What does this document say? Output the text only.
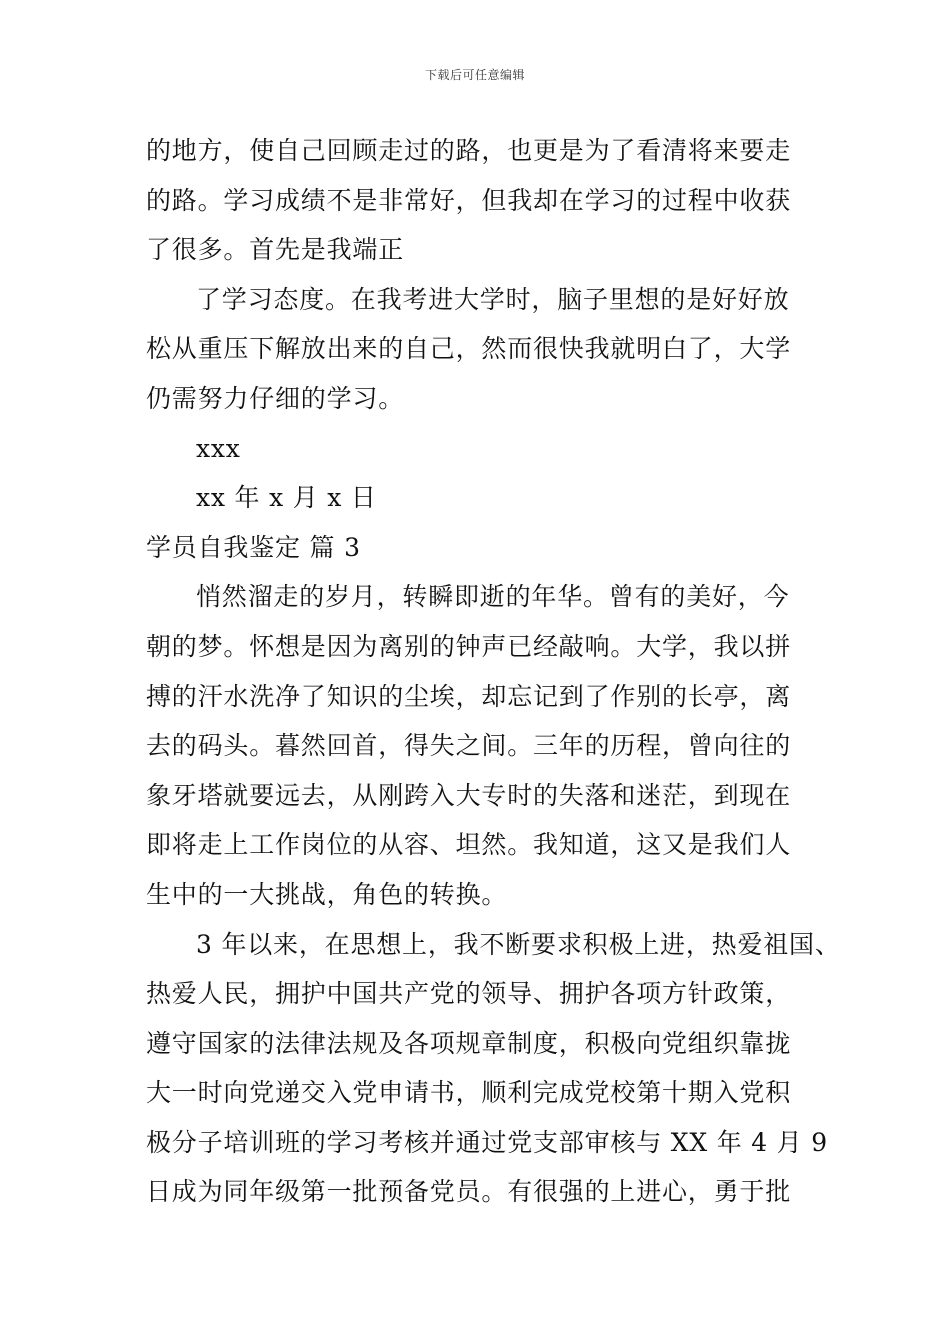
下载后可任意编辑
的地方，使自己回顾走过的路，也更是为了看清将来要走
的路。学习成绩不是非常好，但我却在学习的过程中收获
了很多。首先是我端正
了学习态度。在我考进大学时，脑子里想的是好好放
松从重压下解放出来的自己，然而很快我就明白了，大学
仍需努力仔细的学习。
xxx
xx 年 x 月 x 日
学员自我鉴定 篇 3
悄然溜走的岁月，转瞬即逝的年华。曾有的美好，今
朝的梦。怀想是因为离别的钟声已经敲响。大学，我以拼
搏的汗水洗净了知识的尘埃，却忘记到了作别的长亭，离
去的码头。暮然回首，得失之间。三年的历程，曾向往的
象牙塔就要远去，从刚跨入大专时的失落和迷茫，到现在
即将走上工作岗位的从容、坦然。我知道，这又是我们人
生中的一大挑战，角色的转换。
3 年以来，在思想上，我不断要求积极上进，热爱祖国、
热爱人民，拥护中国共产党的领导、拥护各项方针政策，
遵守国家的法律法规及各项规章制度，积极向党组织靠拢
大一时向党递交入党申请书，顺利完成党校第十期入党积
极分子培训班的学习考核并通过党支部审核与 XX 年 4 月 9
日成为同年级第一批预备党员。有很强的上进心，勇于批
